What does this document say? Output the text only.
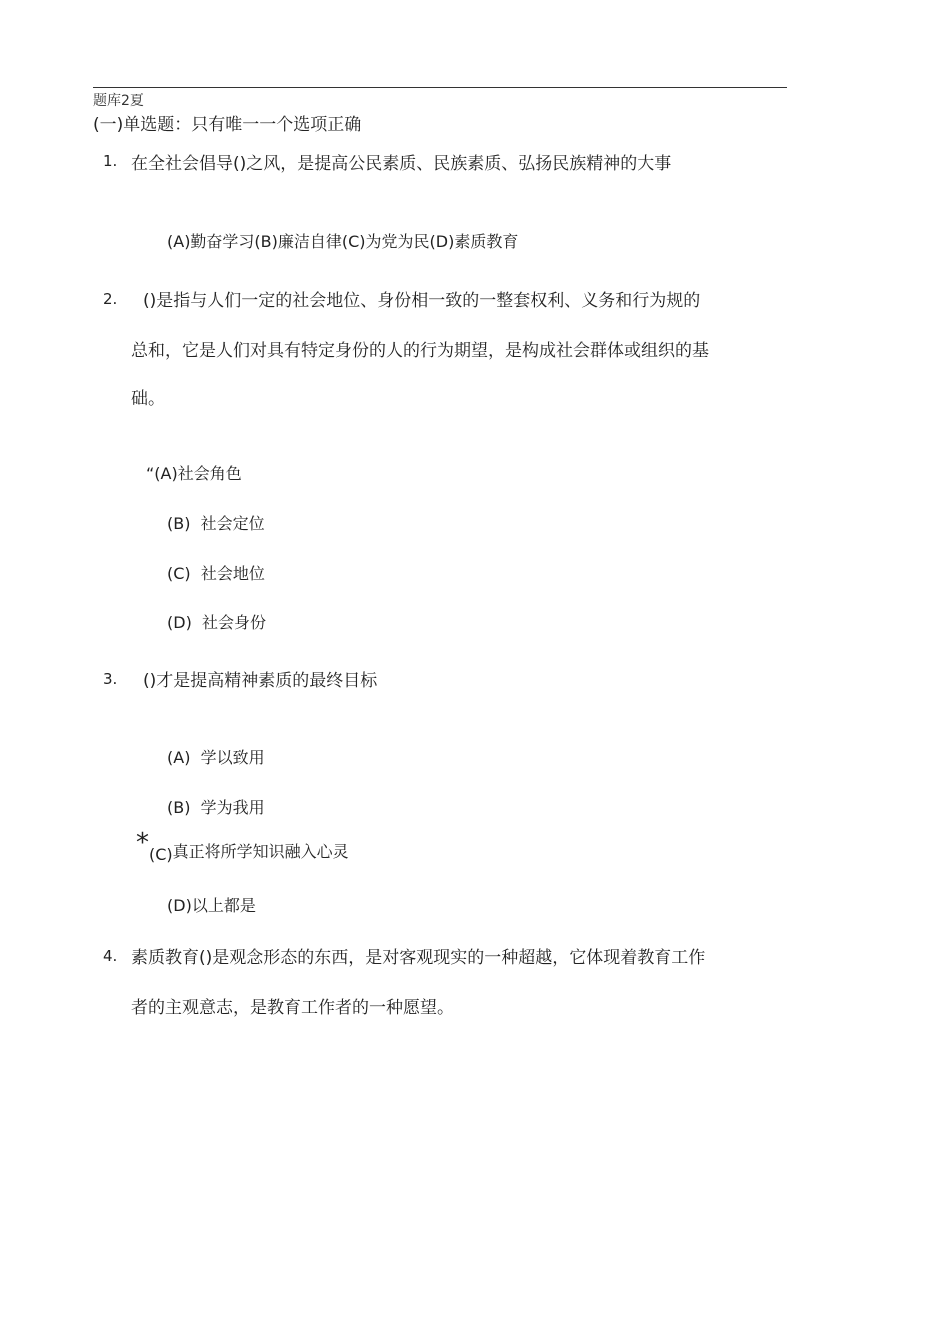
题库2夏
(一)单选题：只有唯一一个选项正确
1. 在全社会倡导()之风，是提高公民素质、民族素质、弘扬民族精神的大事
(A)勤奋学习(B)廉洁自律(C)为党为民(D)素质教育
2. ()是指与人们一定的社会地位、身份相一致的一整套权利、义务和行为规的
总和，它是人们对具有特定身份的人的行为期望，是构成社会群体或组织的基
础。
“(A)社会角色
(B) 社会定位
(C) 社会地位
(D) 社会身份
3. ()才是提高精神素质的最终目标
(A) 学以致用
(B) 学为我用
*(C)真正将所学知识融入心灵
(D)以上都是
4. 素质教育()是观念形态的东西，是对客观现实的一种超越，它体现着教育工作
者的主观意志，是教育工作者的一种愿望。
